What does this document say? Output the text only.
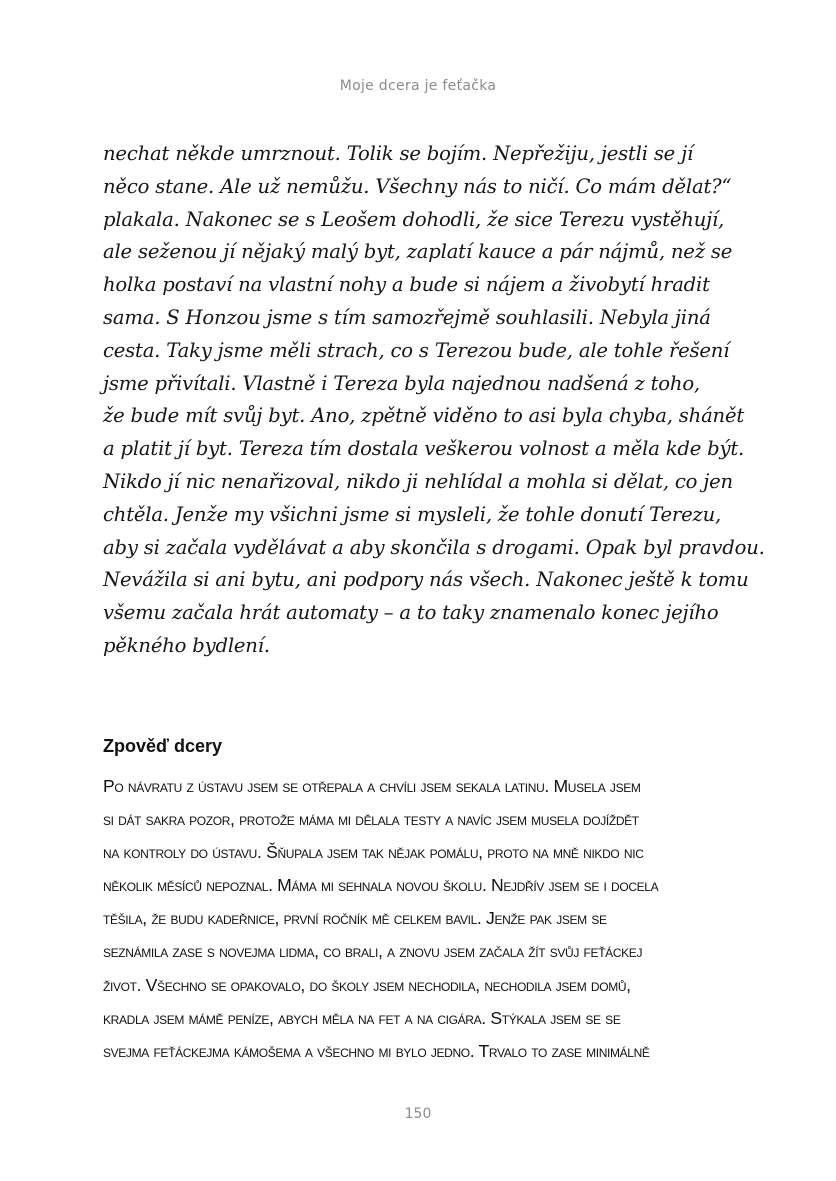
Moje dcera je feťačka
nechat někde umrznout. Tolik se bojím. Nepřežiju, jestli se jí
něco stane. Ale už nemůžu. Všechny nás to ničí. Co mám dělat?“
plakala. Nakonec se s Leošem dohodli, že sice Terezu vystěhují,
ale seženou jí nějaký malý byt, zaplatí kauce a pár nájmů, než se
holka postaví na vlastní nohy a bude si nájem a živobytí hradit
sama. S Honzou jsme s tím samozřejmě souhlasili. Nebyla jiná
cesta. Taky jsme měli strach, co s Terezou bude, ale tohle řešení
jsme přivítali. Vlastně i Tereza byla najednou nadšená z toho,
že bude mít svůj byt. Ano, zpětně viděno to asi byla chyba, shánět
a platit jí byt. Tereza tím dostala veškerou volnost a měla kde být.
Nikdo jí nic nenařizoval, nikdo ji nehlídal a mohla si dělat, co jen
chtěla. Jenže my všichni jsme si mysleli, že tohle donutí Terezu,
aby si začala vydělávat a aby skončila s drogami. Opak byl pravdou.
Nevážila si ani bytu, ani podpory nás všech. Nakonec ještě k tomu
všemu začala hrát automaty – a to taky znamenalo konec jejího
pěkného bydlení.
Zpověď dcery
Po návratu z ústavu jsem se otřepala a chvíli jsem sekala latinu. Musela jsem
si dát sakra pozor, protože máma mi dělala testy a navíc jsem musela dojíždět
na kontroly do ústavu. Šňupala jsem tak nějak pomálu, proto na mně nikdo nic
několik měsíců nepoznal. Máma mi sehnala novou školu. Nejdřív jsem se i docela
těšila, že budu kadeřnice, první ročník mě celkem bavil. Jenže pak jsem se
seznámila zase s novejma lidma, co brali, a znovu jsem začala žít svůj feťáckej
život. Všechno se opakovalo, do školy jsem nechodila, nechodila jsem domů,
kradla jsem mámě peníze, abych měla na fet a na cigára. Stýkala jsem se se
svejma feťáckejma kámošema a všechno mi bylo jedno. Trvalo to zase minimálně
150
